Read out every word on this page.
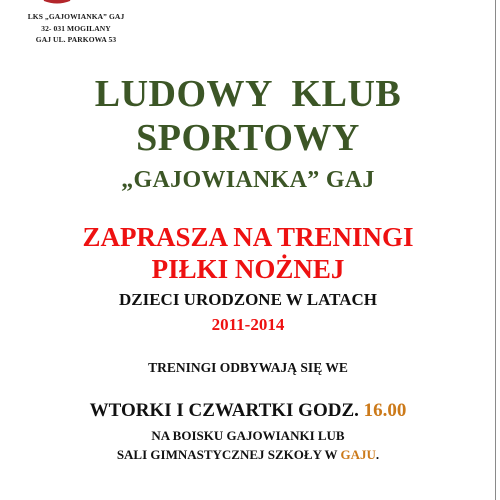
LKS „GAJOWIANKA” GAJ
32- 031 MOGILANY
GAJ UL. PARKOWA 53
LUDOWY KLUB
SPORTOWY
„GAJOWIANKA” GAJ
ZAPRASZA NA TRENINGI
PIŁKI NOŻNEJ
DZIECI URODZONE W LATACH
2011-2014
TRENINGI ODBYWAJĄ SIĘ WE
WTORKI I CZWARTKI GODZ. 16.00
NA BOISKU GAJOWIANKI LUB
SALI GIMNASTYCZNEJ SZKOŁY W GAJU.
